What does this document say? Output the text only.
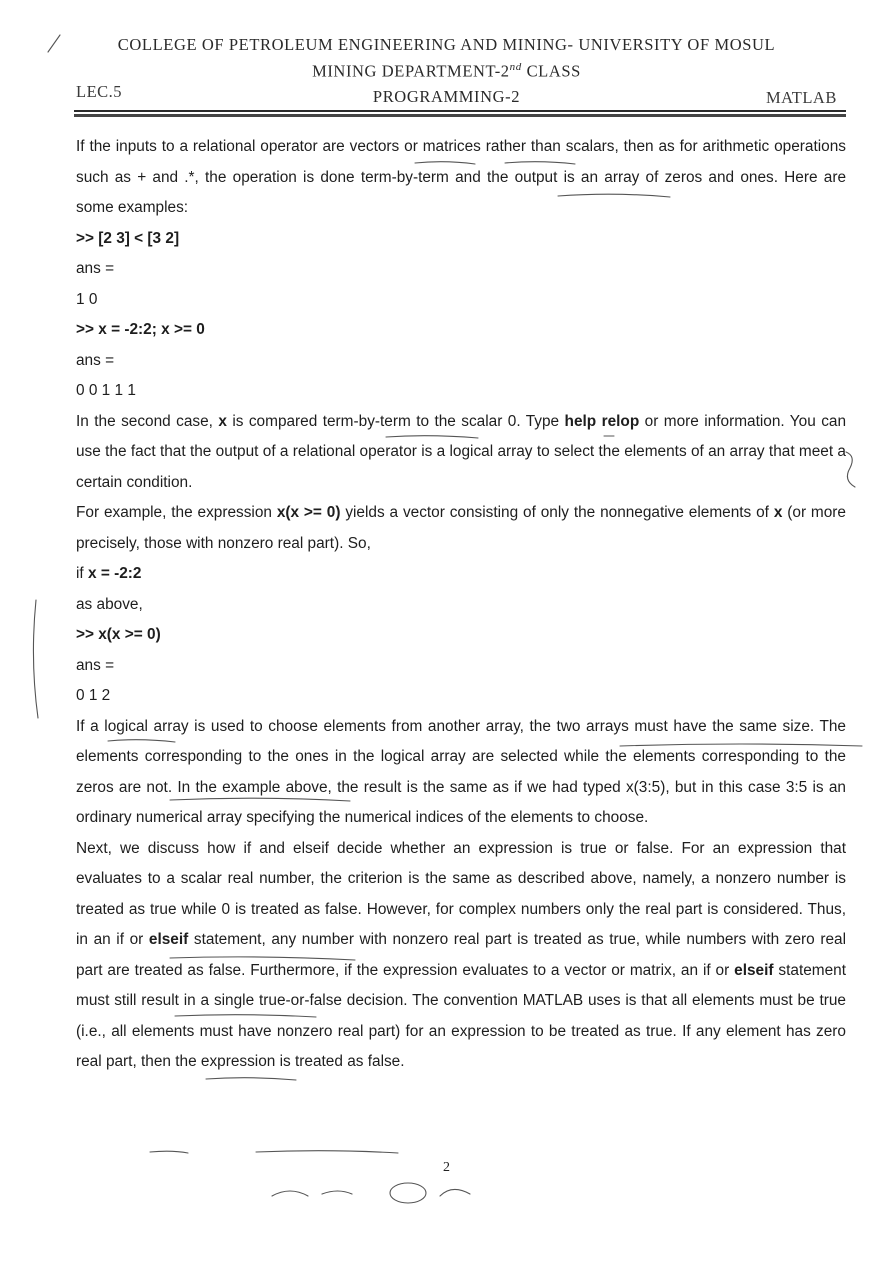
COLLEGE OF PETROLEUM ENGINEERING AND MINING- UNIVERSITY OF MOSUL
MINING DEPARTMENT-2nd CLASS
LEC.5	PROGRAMMING-2	MATLAB

If the inputs to a relational operator are vectors or matrices rather than scalars, then as for arithmetic operations such as + and .*, the operation is done term-by-term and the output is an array of zeros and ones. Here are some examples:

>> [2 3] < [3 2]

ans =

1 0

>> x = -2:2; x >= 0

ans =

0 0 1 1 1

In the second case, x is compared term-by-term to the scalar 0. Type help relop or more information. You can use the fact that the output of a relational operator is a logical array to select the elements of an array that meet a certain condition.

For example, the expression x(x >= 0) yields a vector consisting of only the nonnegative elements of x (or more precisely, those with nonzero real part). So,

if x = -2:2

as above,

>> x(x >= 0)

ans =

0 1 2

If a logical array is used to choose elements from another array, the two arrays must have the same size. The elements corresponding to the ones in the logical array are selected while the elements corresponding to the zeros are not. In the example above, the result is the same as if we had typed x(3:5), but in this case 3:5 is an ordinary numerical array specifying the numerical indices of the elements to choose.

Next, we discuss how if and elseif decide whether an expression is true or false. For an expression that evaluates to a scalar real number, the criterion is the same as described above, namely, a nonzero number is treated as true while 0 is treated as false. However, for complex numbers only the real part is considered. Thus, in an if or elseif statement, any number with nonzero real part is treated as true, while numbers with zero real part are treated as false. Furthermore, if the expression evaluates to a vector or matrix, an if or elseif statement must still result in a single true-or-false decision. The convention MATLAB uses is that all elements must be true (i.e., all elements must have nonzero real part) for an expression to be treated as true. If any element has zero real part, then the expression is treated as false.

2
